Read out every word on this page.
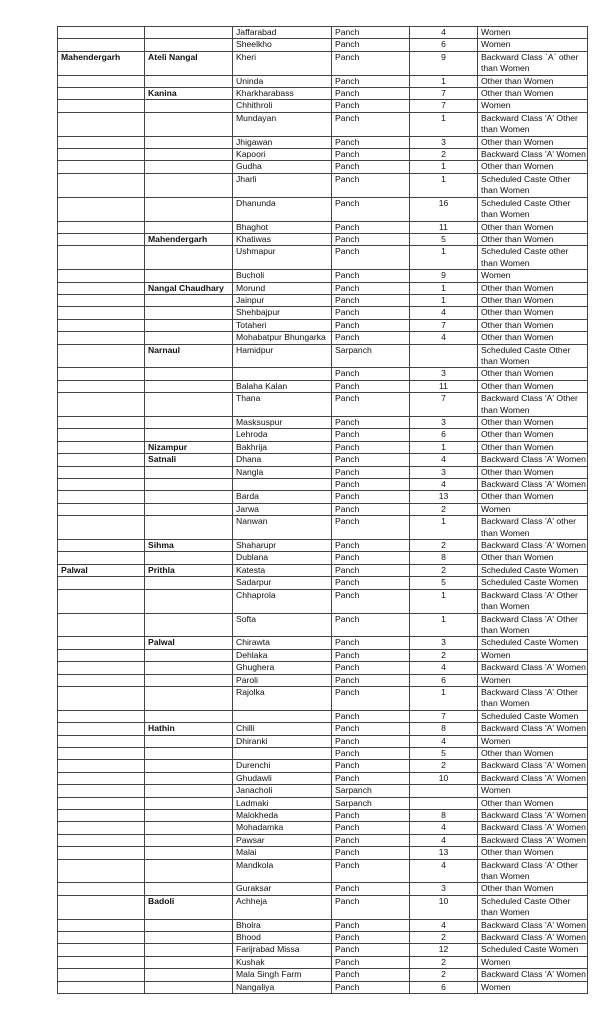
		Jaffarabad	Panch	4	Women
		Sheelkho	Panch	6	Women
Mahendergarh	Ateli Nangal	Kheri	Panch	9	Backward Class `A` other than Women
		Uninda	Panch	1	Other than Women
	Kanina	Kharkharabass	Panch	7	Other than Women
		Chhithroli	Panch	7	Women
		Mundayan	Panch	1	Backward Class 'A' Other than Women
		Jhigawan	Panch	3	Other than Women
		Kapoori	Panch	2	Backward Class 'A' Women
		Gudha	Panch	1	Other than Women
		Jharli	Panch	1	Scheduled Caste Other than Women
		Dhanunda	Panch	16	Scheduled Caste Other than Women
		Bhaghot	Panch	11	Other than Women
	Mahendergarh	Khatiwas	Panch	5	Other than Women
		Ushmapur	Panch	1	Scheduled Caste other than Women
		Bucholi	Panch	9	Women
	Nangal Chaudhary	Morund	Panch	1	Other than Women
		Jainpur	Panch	1	Other than Women
		Shehbajpur	Panch	4	Other than Women
		Totaheri	Panch	7	Other than Women
		Mohabatpur Bhungarka	Panch	4	Other than Women
	Narnaul	Hamidpur	Sarpanch		Scheduled Caste Other than Women
			Panch	3	Other than Women
		Balaha Kalan	Panch	11	Other than Women
		Thana	Panch	7	Backward Class 'A' Other than Women
		Masksuspur	Panch	3	Other than Women
		Lehroda	Panch	6	Other than Women
	Nizampur	Bakhrija	Panch	1	Other than Women
	Satnali	Dhana	Panch	4	Backward Class 'A' Women
		Nangla	Panch	3	Other than Women
			Panch	4	Backward Class 'A' Women
		Barda	Panch	13	Other than Women
		Jarwa	Panch	2	Women
		Nanwan	Panch	1	Backward Class 'A' other than Women
	Sihma	Shaharupr	Panch	2	Backward Class 'A' Women
		Dublana	Panch	8	Other than Women
Palwal	Prithla	Katesta	Panch	2	Scheduled Caste Women
		Sadarpur	Panch	5	Scheduled Caste Women
		Chhaprola	Panch	1	Backward Class 'A' Other than Women
		Softa	Panch	1	Backward Class 'A' Other than Women
	Palwal	Chirawta	Panch	3	Scheduled Caste Women
		Dehlaka	Panch	2	Women
		Ghughera	Panch	4	Backward Class 'A' Women
		Paroli	Panch	6	Women
		Rajolka	Panch	1	Backward Class 'A' Other than Women
			Panch	7	Scheduled Caste Women
	Hathin	Chilli	Panch	8	Backward Class 'A' Women
		Dhiranki	Panch	4	Women
			Panch	5	Other than Women
		Durenchi	Panch	2	Backward Class 'A' Women
		Ghudawli	Panch	10	Backward Class 'A' Women
		Janacholi	Sarpanch		Women
		Ladmaki	Sarpanch		Other than Women
		Malokheda	Panch	8	Backward Class 'A' Women
		Mohadamka	Panch	4	Backward Class 'A' Women
		Pawsar	Panch	4	Backward Class 'A' Women
		Malai	Panch	13	Other than Women
		Mandkola	Panch	4	Backward Class 'A' Other than Women
		Guraksar	Panch	3	Other than Women
	Badoli	Achheja	Panch	10	Scheduled Caste Other than Women
		Bholra	Panch	4	Backward Class 'A' Women
		Bhood	Panch	2	Backward Class 'A' Women
		Farijrabad Missa	Panch	12	Scheduled Caste Women
		Kushak	Panch	2	Women
		Mala Singh Farm	Panch	2	Backward Class 'A' Women
		Nangaliya	Panch	6	Women
